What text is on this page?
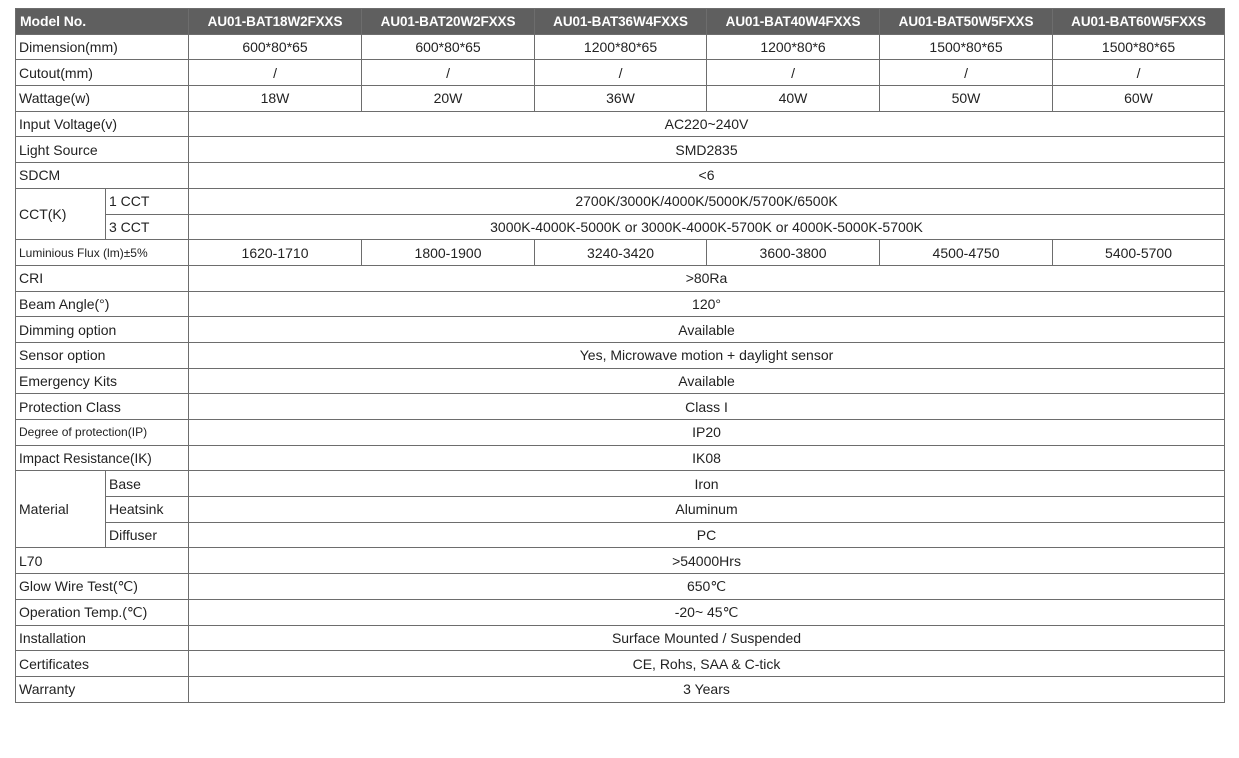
Model No.		AU01-BAT18W2FXXS	AU01-BAT20W2FXXS	AU01-BAT36W4FXXS	AU01-BAT40W4FXXS	AU01-BAT50W5FXXS	AU01-BAT60W5FXXS
Dimension(mm)		600*80*65	600*80*65	1200*80*65	1200*80*6	1500*80*65	1500*80*65
Cutout(mm)		/	/	/	/	/	/
Wattage(w)		18W	20W	36W	40W	50W	60W
Input Voltage(v)		AC220~240V					
Light Source		SMD2835					
SDCM		<6					
CCT(K)	1 CCT	2700K/3000K/4000K/5000K/5700K/6500K					
	3 CCT	3000K-4000K-5000K or 3000K-4000K-5700K or 4000K-5000K-5700K					
Luminious Flux (lm)±5%		1620-1710	1800-1900	3240-3420	3600-3800	4500-4750	5400-5700
CRI		>80Ra					
Beam Angle(°)		120°					
Dimming option		Available					
Sensor option		Yes, Microwave motion + daylight sensor					
Emergency Kits		Available					
Protection Class		Class I					
Degree of protection(IP)		IP20					
Impact Resistance(IK)		IK08					
Material	Base	Iron					
	Heatsink	Aluminum					
	Diffuser	PC					
L70		>54000Hrs					
Glow Wire Test(℃)		650℃					
Operation Temp.(℃)		-20~ 45℃					
Installation		Surface Mounted / Suspended					
Certificates		CE, Rohs, SAA & C-tick					
Warranty		3 Years					
